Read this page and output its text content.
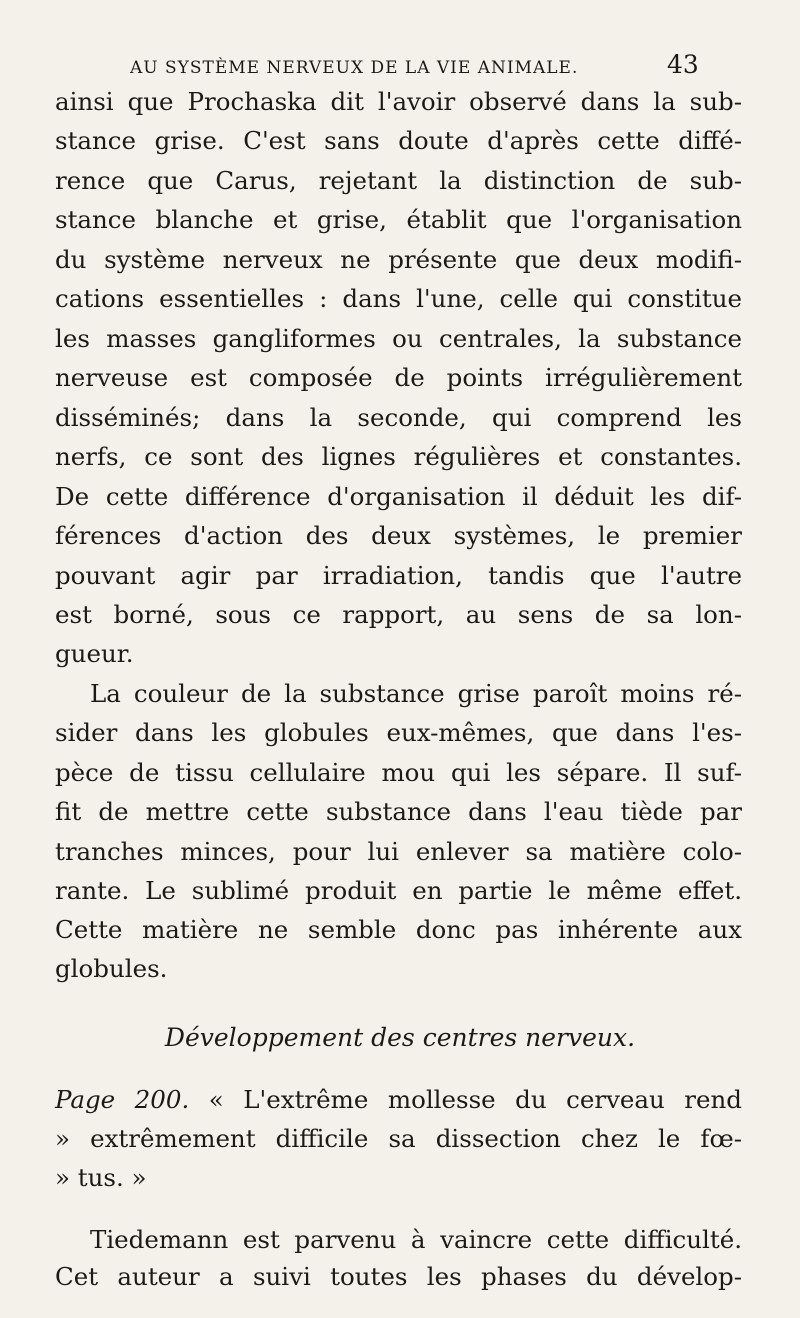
AU SYSTÈME NERVEUX DE LA VIE ANIMALE.	43
ainsi que Prochaska dit l'avoir observé dans la sub-
stance grise. C'est sans doute d'après cette diffé-
rence que Carus, rejetant la distinction de sub-
stance blanche et grise, établit que l'organisation
du système nerveux ne présente que deux modifi-
cations essentielles : dans l'une, celle qui constitue
les masses gangliformes ou centrales, la substance
nerveuse est composée de points irrégulièrement
disséminés; dans la seconde, qui comprend les
nerfs, ce sont des lignes régulières et constantes.
De cette différence d'organisation il déduit les dif-
férences d'action des deux systèmes, le premier
pouvant agir par irradiation, tandis que l'autre
est borné, sous ce rapport, au sens de sa lon-
gueur.
La couleur de la substance grise paroît moins ré-
sider dans les globules eux-mêmes, que dans l'es-
pèce de tissu cellulaire mou qui les sépare. Il suf-
fit de mettre cette substance dans l'eau tiède par
tranches minces, pour lui enlever sa matière colo-
rante. Le sublimé produit en partie le même effet.
Cette matière ne semble donc pas inhérente aux
globules.
Développement des centres nerveux.
Page 200. « L'extrême mollesse du cerveau rend
» extrêmement difficile sa dissection chez le fœ-
» tus. »
Tiedemann est parvenu à vaincre cette difficulté.
Cet auteur a suivi toutes les phases du dévelop-
